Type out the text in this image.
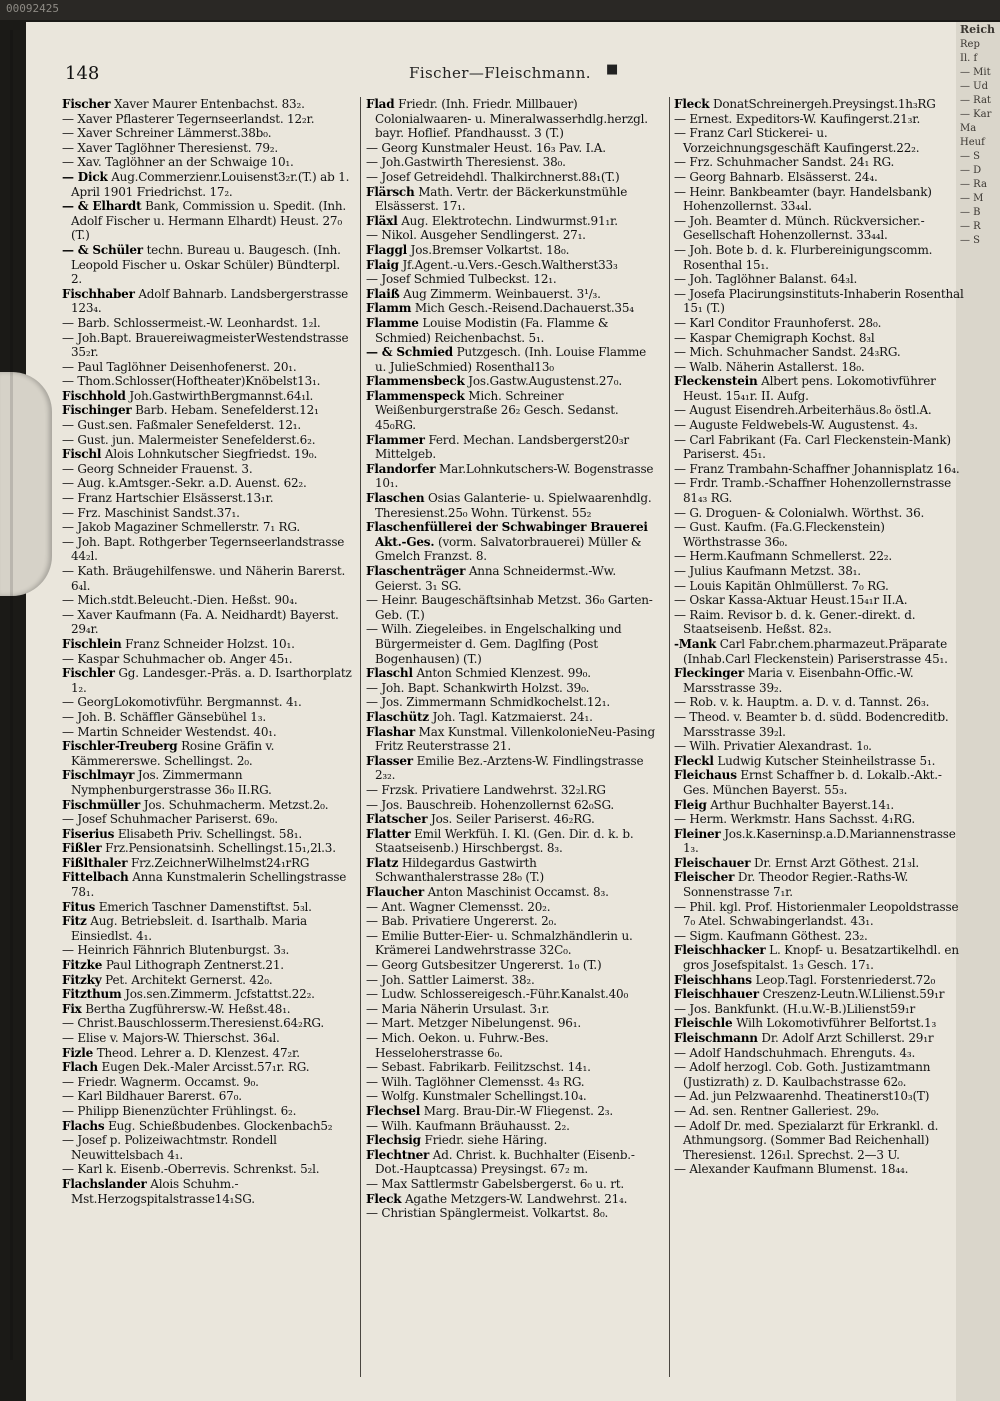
00092425
Reich
Rep
Il. f
— Mit
— Ud
— Rat
— Kar
Ma
Heuf
— S
— D
— Ra
— M
— B
— R
— S
148	Fischer—Fleischmann.	■
Fischer Xaver Maurer Entenbachst. 83₂.
— Xaver Pflasterer Tegernseerlandst. 12₂r.
— Xaver Schreiner Lämmerst.38b₀.
— Xaver Taglöhner Theresienst. 79₂.
— Xav. Taglöhner an der Schwaige 10₁.
— Dick Aug.Commerzienr.Louisenst3₂r.(T.) ab 1. April 1901 Friedrichst. 17₂.
— & Elhardt Bank, Commission u. Spedit. (Inh. Adolf Fischer u. Hermann Elhardt) Heust. 27₀ (T.)
— & Schüler techn. Bureau u. Baugesch. (Inh. Leopold Fischer u. Oskar Schüler) Bündterpl. 2.
Fischhaber Adolf Bahnarb. Landsbergerstrasse 123₄.
— Barb. Schlossermeist.-W. Leonhardst. 1₂l.
— Joh.Bapt. BrauereiwagmeisterWestendstrasse 35₂r.
— Paul Taglöhner Deisenhofenerst. 20₁.
— Thom.Schlosser(Hoftheater)Knöbelst13₁.
Fischhold Joh.GastwirthBergmannst.64₁l.
Fischinger Barb. Hebam. Senefelderst.12₁
— Gust.sen. Faßmaler Senefelderst. 12₁.
— Gust. jun. Malermeister Senefelderst.6₂.
Fischl Alois Lohnkutscher Siegfriedst. 19₀.
— Georg Schneider Frauenst. 3.
— Aug. k.Amtsger.-Sekr. a.D. Auenst. 62₂.
— Franz Hartschier Elsässerst.13₁r.
— Frz. Maschinist Sandst.37₁.
— Jakob Magaziner Schmellerstr. 7₁ RG.
— Joh. Bapt. Rothgerber Tegernseerlandstrasse 44₂l.
— Kath. Bräugehilfenswe. und Näherin Barerst. 6₄l.
— Mich.stdt.Beleucht.-Dien. Heßst. 90₄.
— Xaver Kaufmann (Fa. A. Neidhardt) Bayerst. 29₄r.
Fischlein Franz Schneider Holzst. 10₁.
— Kaspar Schuhmacher ob. Anger 45₁.
Fischler Gg. Landesger.-Präs. a. D. Isarthorplatz 1₂.
— GeorgLokomotivführ. Bergmannst. 4₁.
— Joh. B. Schäffler Gänsebühel 1₃.
— Martin Schneider Westendst. 40₁.
Fischler-Treuberg Rosine Gräfin v. Kämmererswe. Schellingst. 2₀.
Fischlmayr Jos. Zimmermann Nymphenburgerstrasse 36₀ II.RG.
Fischmüller Jos. Schuhmacherm. Metzst.2₀.
— Josef Schuhmacher Pariserst. 69₀.
Fiserius Elisabeth Priv. Schellingst. 58₁.
Fißler Frz.Pensionatsinh. Schellingst.15₁,2l.3.
Fißlthaler Frz.ZeichnerWilhelmst24₁rRG
Fittelbach Anna Kunstmalerin Schellingstrasse 78₁.
Fitus Emerich Taschner Damenstiftst. 5₃l.
Fitz Aug. Betriebsleit. d. Isarthalb. Maria Einsiedlst. 4₁.
— Heinrich Fähnrich Blutenburgst. 3₃.
Fitzke Paul Lithograph Zentnerst.21.
Fitzky Pet. Architekt Gernerst. 42₀.
Fitzthum Jos.sen.Zimmerm. Jcfstattst.22₂.
Fix Bertha Zugführersw.-W. Heßst.48₁.
— Christ.Bauschlosserm.Theresienst.64₂RG.
— Elise v. Majors-W. Thierschst. 36₄l.
Fizle Theod. Lehrer a. D. Klenzest. 47₂r.
Flach Eugen Dek.-Maler Arcisst.57₁r. RG.
— Friedr. Wagnerm. Occamst. 9₀.
— Karl Bildhauer Barerst. 67₀.
— Philipp Bienenzüchter Frühlingst. 6₂.
Flachs Eug. Schießbudenbes. Glockenbach5₂
— Josef p. Polizeiwachtmstr. Rondell Neuwittelsbach 4₁.
— Karl k. Eisenb.-Oberrevis. Schrenkst. 5₂l.
Flachslander Alois Schuhm.-Mst.Herzogspitalstrasse14₁SG.
Flad Friedr. (Inh. Friedr. Millbauer) Colonialwaaren- u. Mineralwasserhdlg.herzgl. bayr. Hoflief. Pfandhausst. 3 (T.)
— Georg Kunstmaler Heust. 16₃ Pav. I.A.
— Joh.Gastwirth Theresienst. 38₀.
— Josef Getreidehdl. Thalkirchnerst.88₁(T.)
Flärsch Math. Vertr. der Bäckerkunstmühle Elsässerst. 17₁.
Fläxl Aug. Elektrotechn. Lindwurmst.91₁r.
— Nikol. Ausgeher Sendlingerst. 27₁.
Flaggl Jos.Bremser Volkartst. 18₀.
Flaig Jf.Agent.-u.Vers.-Gesch.Waltherst33₃
— Josef Schmied Tulbeckst. 12₁.
Flaiß Aug Zimmerm. Weinbauerst. 3¹/₃.
Flamm Mich Gesch.-Reisend.Dachauerst.35₄
Flamme Louise Modistin (Fa. Flamme & Schmied) Reichenbachst. 5₁.
— & Schmied Putzgesch. (Inh. Louise Flamme u. JulieSchmied) Rosenthal13₀
Flammensbeck Jos.Gastw.Augustenst.27₀.
Flammenspeck Mich. Schreiner Weißenburgerstraße 26₂ Gesch. Sedanst. 45₀RG.
Flammer Ferd. Mechan. Landsbergerst20₃r Mittelgeb.
Flandorfer Mar.Lohnkutschers-W. Bogenstrasse 10₁.
Flaschen Osias Galanterie- u. Spielwaarenhdlg. Theresienst.25₀ Wohn. Türkenst. 55₂
Flaschenfüllerei der Schwabinger Brauerei Akt.-Ges. (vorm. Salvatorbrauerei) Müller & Gmelch Franzst. 8.
Flaschenträger Anna Schneidermst.-Ww. Geierst. 3₁ SG.
— Heinr. Baugeschäftsinhab Metzst. 36₀ Garten-Geb. (T.)
— Wilh. Ziegeleibes. in Engelschalking und Bürgermeister d. Gem. Daglfing (Post Bogenhausen) (T.)
Flaschl Anton Schmied Klenzest. 99₀.
— Joh. Bapt. Schankwirth Holzst. 39₀.
— Jos. Zimmermann Schmidkochelst.12₁.
Flaschütz Joh. Tagl. Katzmaierst. 24₁.
Flashar Max Kunstmal. VillenkolonieNeu-Pasing Fritz Reuterstrasse 21.
Flasser Emilie Bez.-Arztens-W. Findlingstrasse 2₃₂.
— Frzsk. Privatiere Landwehrst. 32₂l.RG
— Jos. Bauschreib. Hohenzollernst 62₀SG.
Flatscher Jos. Seiler Pariserst. 46₂RG.
Flatter Emil Werkfüh. I. Kl. (Gen. Dir. d. k. b. Staatseisenb.) Hirschbergst. 8₃.
Flatz Hildegardus Gastwirth Schwanthalerstrasse 28₀ (T.)
Flaucher Anton Maschinist Occamst. 8₃.
— Ant. Wagner Clemensst. 20₂.
— Bab. Privatiere Ungererst. 2₀.
— Emilie Butter-Eier- u. Schmalzhändlerin u. Krämerei Landwehrstrasse 32C₀.
— Georg Gutsbesitzer Ungererst. 1₀ (T.)
— Joh. Sattler Laimerst. 38₂.
— Ludw. Schlossereigesch.-Führ.Kanalst.40₀
— Maria Näherin Ursulast. 3₁r.
— Mart. Metzger Nibelungenst. 96₁.
— Mich. Oekon. u. Fuhrw.-Bes. Hesseloherstrasse 6₀.
— Sebast. Fabrikarb. Feilitzschst. 14₁.
— Wilh. Taglöhner Clemensst. 4₃ RG.
— Wolfg. Kunstmaler Schellingst.10₄.
Flechsel Marg. Brau-Dir.-W Fliegenst. 2₃.
— Wilh. Kaufmann Bräuhausst. 2₂.
Flechsig Friedr. siehe Häring.
Flechtner Ad. Christ. k. Buchhalter (Eisenb.-Dot.-Hauptcassa) Preysingst. 67₂ m.
— Max Sattlermstr Gabelsbergerst. 6₀ u. rt.
Fleck Agathe Metzgers-W. Landwehrst. 21₄.
— Christian Spänglermeist. Volkartst. 8₀.
Fleck DonatSchreinergeh.Preysingst.1h₃RG
— Ernest. Expeditors-W. Kaufingerst.21₃r.
— Franz Carl Stickerei- u. Vorzeichnungsgeschäft Kaufingerst.22₂.
— Frz. Schuhmacher Sandst. 24₁ RG.
— Georg Bahnarb. Elsässerst. 24₄.
— Heinr. Bankbeamter (bayr. Handelsbank) Hohenzollernst. 33₄₄l.
— Joh. Beamter d. Münch. Rückversicher.-Gesellschaft Hohenzollernst. 33₄₄l.
— Joh. Bote b. d. k. Flurbereinigungscomm. Rosenthal 15₁.
— Joh. Taglöhner Balanst. 64₃l.
— Josefa Placirungsinstituts-Inhaberin Rosenthal 15₁ (T.)
— Karl Conditor Fraunhoferst. 28₀.
— Kaspar Chemigraph Kochst. 8₃l
— Mich. Schuhmacher Sandst. 24₃RG.
— Walb. Näherin Astallerst. 18₀.
Fleckenstein Albert pens. Lokomotivführer Heust. 15₄₁r. II. Aufg.
— August Eisendreh.Arbeiterhäus.8₀ östl.A.
— Auguste Feldwebels-W. Augustenst. 4₃.
— Carl Fabrikant (Fa. Carl Fleckenstein-Mank) Pariserst. 45₁.
— Franz Trambahn-Schaffner Johannisplatz 16₄.
— Frdr. Tramb.-Schaffner Hohenzollernstrasse 81₄₃ RG.
— G. Droguen- & Colonialwh. Wörthst. 36.
— Gust. Kaufm. (Fa.G.Fleckenstein) Wörthstrasse 36₀.
— Herm.Kaufmann Schmellerst. 22₂.
— Julius Kaufmann Metzst. 38₁.
— Louis Kapitän Ohlmüllerst. 7₀ RG.
— Oskar Kassa-Aktuar Heust.15₄₁r II.A.
— Raim. Revisor b. d. k. Gener.-direkt. d. Staatseisenb. Heßst. 82₃.
-Mank Carl Fabr.chem.pharmazeut.Präparate (Inhab.Carl Fleckenstein) Pariserstrasse 45₁.
Fleckinger Maria v. Eisenbahn-Offic.-W. Marsstrasse 39₂.
— Rob. v. k. Hauptm. a. D. v. d. Tannst. 26₃.
— Theod. v. Beamter b. d. südd. Bodencreditb. Marsstrasse 39₂l.
— Wilh. Privatier Alexandrast. 1₀.
Fleckl Ludwig Kutscher Steinheilstrasse 5₁.
Fleichaus Ernst Schaffner b. d. Lokalb.-Akt.-Ges. München Bayerst. 55₃.
Fleig Arthur Buchhalter Bayerst.14₁.
— Herm. Werkmstr. Hans Sachsst. 4₁RG.
Fleiner Jos.k.Kaserninsp.a.D.Mariannenstrasse 1₃.
Fleischauer Dr. Ernst Arzt Göthest. 21₃l.
Fleischer Dr. Theodor Regier.-Raths-W. Sonnenstrasse 7₁r.
— Phil. kgl. Prof. Historienmaler Leopoldstrasse 7₀ Atel. Schwabingerlandst. 43₁.
— Sigm. Kaufmann Göthest. 23₂.
Fleischhacker L. Knopf- u. Besatzartikelhdl. en gros Josefspitalst. 1₃ Gesch. 17₁.
Fleischhans Leop.Tagl. Forstenriederst.72₀
Fleischhauer Creszenz-Leutn.W.Lilienst.59₁r
— Jos. Bankfunkt. (H.u.W.-B.)Lilienst59₁r
Fleischle Wilh Lokomotivführer Belfortst.1₃
Fleischmann Dr. Adolf Arzt Schillerst. 29₁r
— Adolf Handschuhmach. Ehrenguts. 4₃.
— Adolf herzogl. Cob. Goth. Justizamtmann (Justizrath) z. D. Kaulbachstrasse 62₀.
— Ad. jun Pelzwaarenhd. Theatinerst10₃(T)
— Ad. sen. Rentner Galleriest. 29₀.
— Adolf Dr. med. Spezialarzt für Erkrankl. d. Athmungsorg. (Sommer Bad Reichenhall) Theresienst. 126₁l. Sprechst. 2—3 U.
— Alexander Kaufmann Blumenst. 18₄₄.
